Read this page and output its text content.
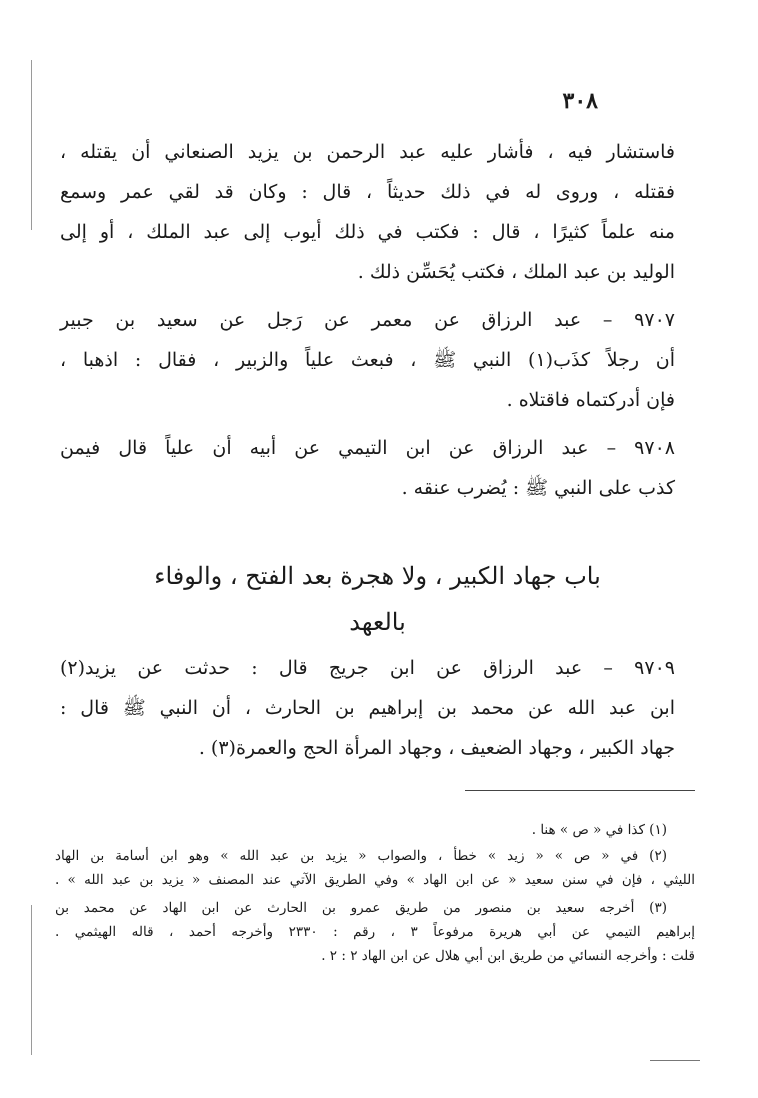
٣٠٨
فاستشار فيه ، فأشار عليه عبد الرحمن بن يزيد الصنعاني أن يقتله ،
فقتله ، وروى له في ذلك حديثاً ، قال : وكان قد لقي عمر وسمع
منه علماً كثيرًا ، قال : فكتب في ذلك أيوب إلى عبد الملك ، أو إلى
الوليد بن عبد الملك ، فكتب يُحَسِّن ذلك .
٩٧٠٧ – عبد الرزاق عن معمر عن رَجل عن سعيد بن جبير
أن رجلاً كذَب(١) النبي ﷺ ، فبعث علياً والزبير ، فقال : اذهبا ،
فإن أدركتماه فاقتلاه .
٩٧٠٨ – عبد الرزاق عن ابن التيمي عن أبيه أن علياً قال فيمن
كذب على النبي ﷺ : يُضرب عنقه .
باب جهاد الكبير ، ولا هجرة بعد الفتح ، والوفاء
بالعهد
٩٧٠٩ – عبد الرزاق عن ابن جريج قال : حدثت عن يزيد(٢)
ابن عبد الله عن محمد بن إبراهيم بن الحارث ، أن النبي ﷺ قال :
جهاد الكبير ، وجهاد الضعيف ، وجهاد المرأة الحج والعمرة(٣) .
(١) كذا في « ص » هنا .
(٢) في « ص » « زيد » خطأ ، والصواب « يزيد بن عبد الله » وهو ابن أسامة بن الهاد
الليثي ، فإن في سنن سعيد « عن ابن الهاد » وفي الطريق الآتي عند المصنف « يزيد بن عبد الله » .
(٣) أخرجه سعيد بن منصور من طريق عمرو بن الحارث عن ابن الهاد عن محمد بن
إبراهيم التيمي عن أبي هريرة مرفوعاً ٣ ، رقم : ٢٣٣٠ وأخرجه أحمد ، قاله الهيثمي .
قلت : وأخرجه النسائي من طريق ابن أبي هلال عن ابن الهاد ٢ : ٢ .
